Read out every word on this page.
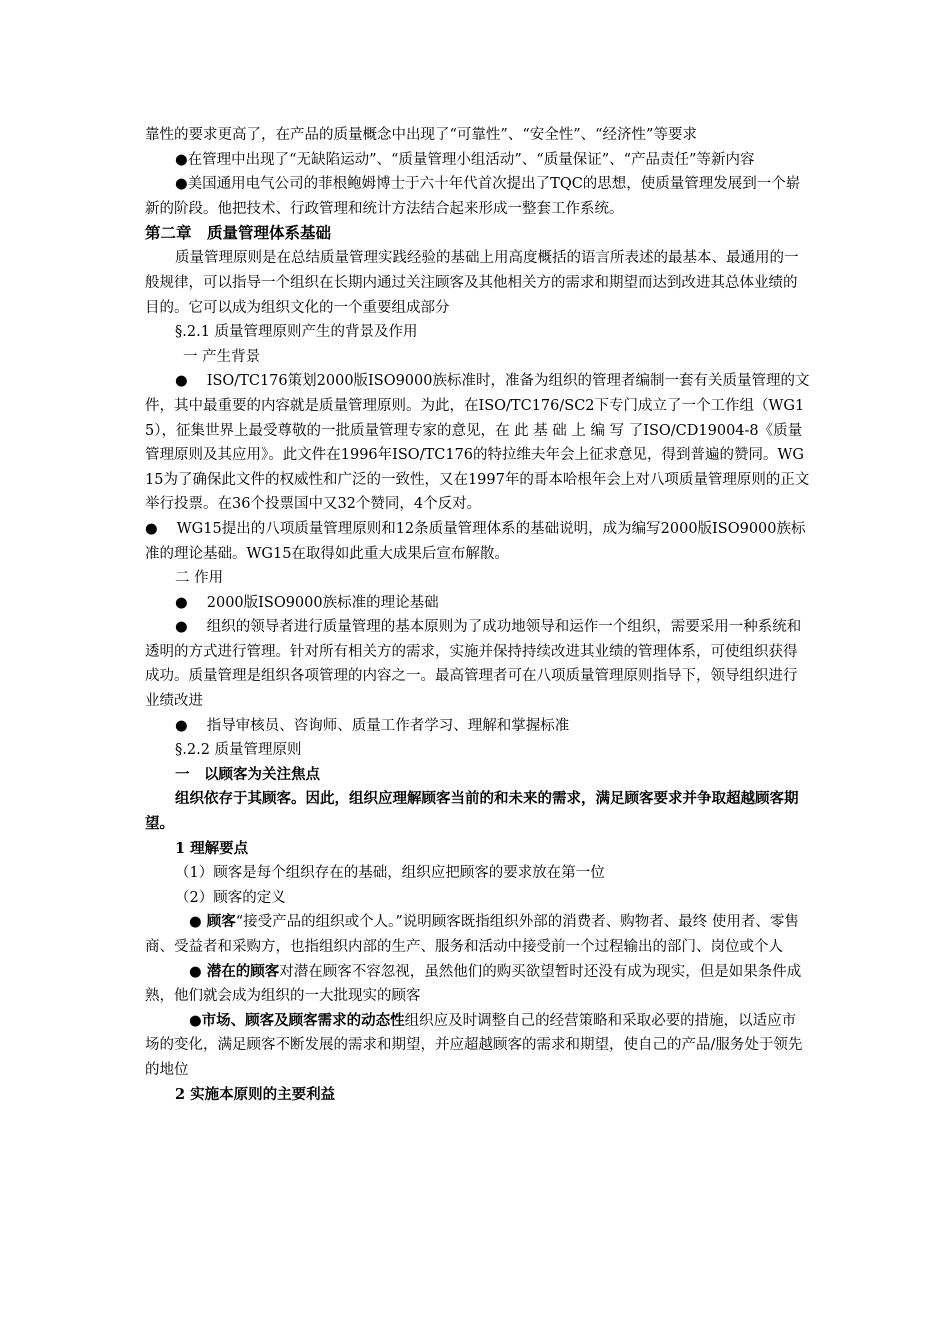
靠性的要求更高了，在产品的质量概念中出现了“可靠性”、“安全性”、“经济性”等要求

●在管理中出现了“无缺陷运动”、“质量管理小组活动”、“质量保证”、“产品责任”等新内容

●美国通用电气公司的菲根鲍姆博士于六十年代首次提出了TQC的思想，使质量管理发展到一个崭新的阶段。他把技术、行政管理和统计方法结合起来形成一整套工作系统。

第二章　质量管理体系基础

质量管理原则是在总结质量管理实践经验的基础上用高度概括的语言所表述的最基本、最通用的一般规律，可以指导一个组织在长期内通过关注顾客及其他相关方的需求和期望而达到改进其总体业绩的目的。它可以成为组织文化的一个重要组成部分

§.2.1 质量管理原则产生的背景及作用

一 产生背景

●　 ISO/TC176策划2000版ISO9000族标准时，准备为组织的管理者编制一套有关质量管理的文件，其中最重要的内容就是质量管理原则。为此，在ISO/TC176/SC2下专门成立了一个工作组（WG15），征集世界上最受尊敬的一批质量管理专家的意见，在 此 基 础 上 编 写 了ISO/CD19004-8《质量管理原则及其应用》。此文件在1996年ISO/TC176的特拉维夫年会上征求意见，得到普遍的赞同。WG15为了确保此文件的权威性和广泛的一致性，又在1997年的哥本哈根年会上对八项质量管理原则的正文举行投票。在36个投票国中又32个赞同，4个反对。

●　 WG15提出的八项质量管理原则和12条质量管理体系的基础说明，成为编写2000版ISO9000族标准的理论基础。WG15在取得如此重大成果后宣布解散。

二 作用

●　 2000版ISO9000族标准的理论基础

●　 组织的领导者进行质量管理的基本原则为了成功地领导和运作一个组织，需要采用一种系统和透明的方式进行管理。针对所有相关方的需求，实施并保持持续改进其业绩的管理体系，可使组织获得成功。质量管理是组织各项管理的内容之一。最高管理者可在八项质量管理原则指导下，领导组织进行业绩改进

●　 指导审核员、咨询师、质量工作者学习、理解和掌握标准

§.2.2 质量管理原则

一　以顾客为关注焦点

组织依存于其顾客。因此，组织应理解顾客当前的和未来的需求，满足顾客要求并争取超越顾客期望。

1 理解要点

（1）顾客是每个组织存在的基础，组织应把顾客的要求放在第一位

（2）顾客的定义

● 顾客“接受产品的组织或个人。”说明顾客既指组织外部的消费者、购物者、最终 使用者、零售商、受益者和采购方，也指组织内部的生产、服务和活动中接受前一个过程输出的部门、岗位或个人

● 潜在的顾客对潜在顾客不容忽视，虽然他们的购买欲望暂时还没有成为现实，但是如果条件成熟，他们就会成为组织的一大批现实的顾客

●市场、顾客及顾客需求的动态性组织应及时调整自己的经营策略和采取必要的措施，以适应市场的变化，满足顾客不断发展的需求和期望，并应超越顾客的需求和期望，使自己的产品/服务处于领先的地位

2 实施本原则的主要利益
